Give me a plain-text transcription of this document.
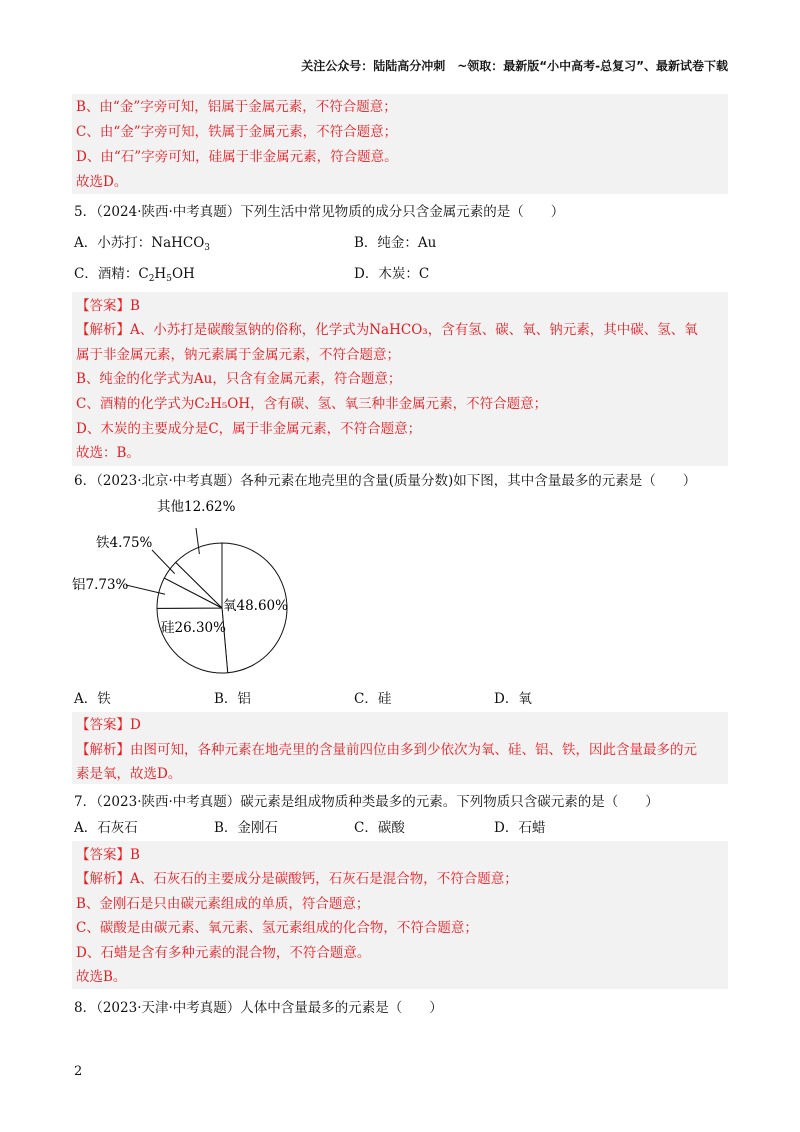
关注公众号：陆陆高分冲刺　~领取：最新版“小中高考-总复习”、最新试卷下载
B、由“金”字旁可知，铝属于金属元素，不符合题意；
C、由“金”字旁可知，铁属于金属元素，不符合题意；
D、由“石”字旁可知，硅属于非金属元素，符合题意。
故选D。
5．（2024·陕西·中考真题）下列生活中常见物质的成分只含金属元素的是（　　）
A．小苏打：NaHCO$_3$	B．纯金：Au
C．酒精：$C_2H_5OH$	D．木炭：C
【答案】B
【解析】A、小苏打是碳酸氢钠的俗称，化学式为NaHCO₃，含有氢、碳、氧、钠元素，其中碳、氢、氧
属于非金属元素，钠元素属于金属元素，不符合题意；
B、纯金的化学式为Au，只含有金属元素，符合题意；
C、酒精的化学式为C₂H₅OH，含有碳、氢、氧三种非金属元素，不符合题意；
D、木炭的主要成分是C，属于非金属元素，不符合题意；
故选：B。
6．（2023·北京·中考真题）各种元素在地壳里的含量(质量分数)如下图，其中含量最多的元素是（　　）
氧48.60%
硅26.30%
铝7.73%
铁4.75%
其他12.62%
A．铁	B．铝	C．硅	D．氧
【答案】D
【解析】由图可知，各种元素在地壳里的含量前四位由多到少依次为氧、硅、铝、铁，因此含量最多的元
素是氧，故选D。
7．（2023·陕西·中考真题）碳元素是组成物质种类最多的元素。下列物质只含碳元素的是（　　）
A．石灰石	B．金刚石	C．碳酸	D．石蜡
【答案】B
【解析】A、石灰石的主要成分是碳酸钙，石灰石是混合物，不符合题意；
B、金刚石是只由碳元素组成的单质，符合题意；
C、碳酸是由碳元素、氧元素、氢元素组成的化合物，不符合题意；
D、石蜡是含有多种元素的混合物，不符合题意。
故选B。
8．（2023·天津·中考真题）人体中含量最多的元素是（　　）
2
